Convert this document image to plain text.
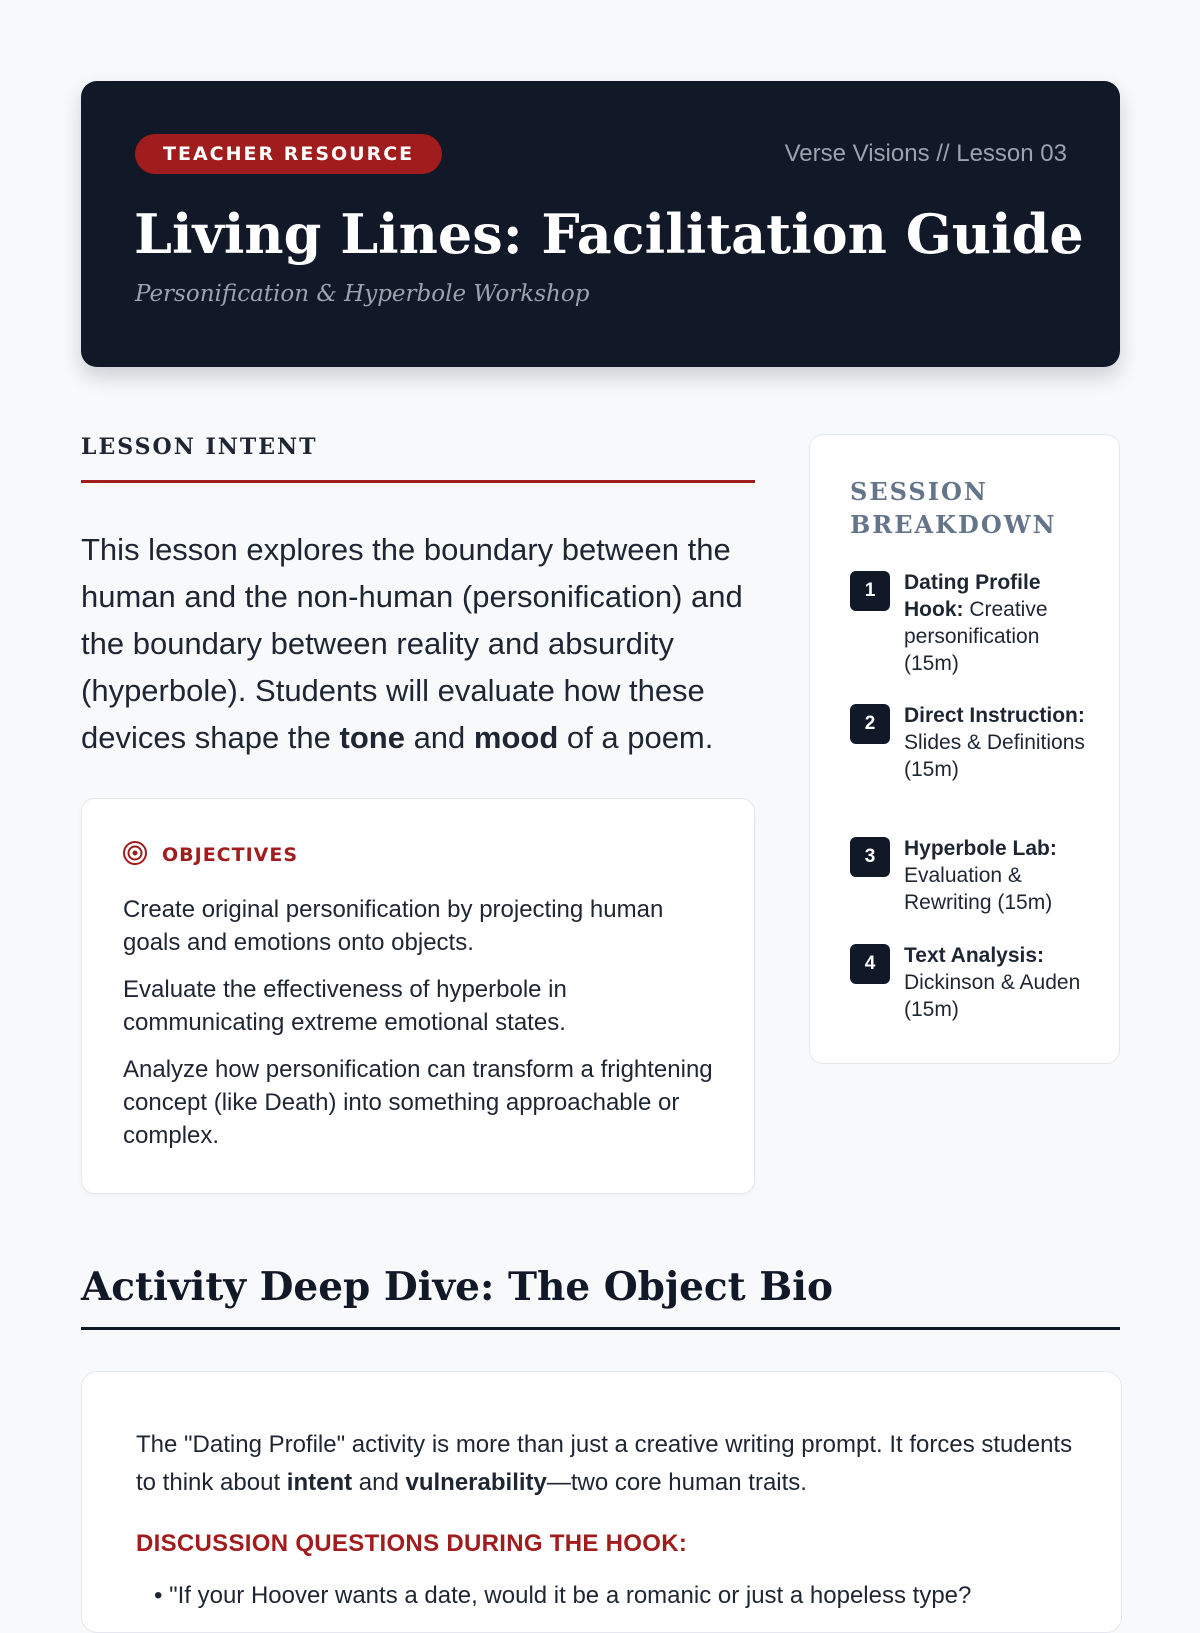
TEACHER RESOURCE	Verse Visions // Lesson 03
Living Lines: Facilitation Guide
Personification & Hyperbole Workshop
LESSON INTENT

This lesson explores the boundary between the human and the non-human (personification) and the boundary between reality and absurdity (hyperbole). Students will evaluate how these devices shape the tone and mood of a poem.

OBJECTIVES
Create original personification by projecting human goals and emotions onto objects.
Evaluate the effectiveness of hyperbole in communicating extreme emotional states.
Analyze how personification can transform a frightening concept (like Death) into something approachable or complex.
SESSION BREAKDOWN
1	Dating Profile Hook: Creative personification (15m)
2	Direct Instruction: Slides & Definitions (15m)
3	Hyperbole Lab: Evaluation & Rewriting (15m)
4	Text Analysis: Dickinson & Auden (15m)
Activity Deep Dive: The Object Bio

The "Dating Profile" activity is more than just a creative writing prompt. It forces students to think about intent and vulnerability—two core human traits.

DISCUSSION QUESTIONS DURING THE HOOK:
• "If your Hoover wants a date, would it be a romanic or just a hopeless type?
